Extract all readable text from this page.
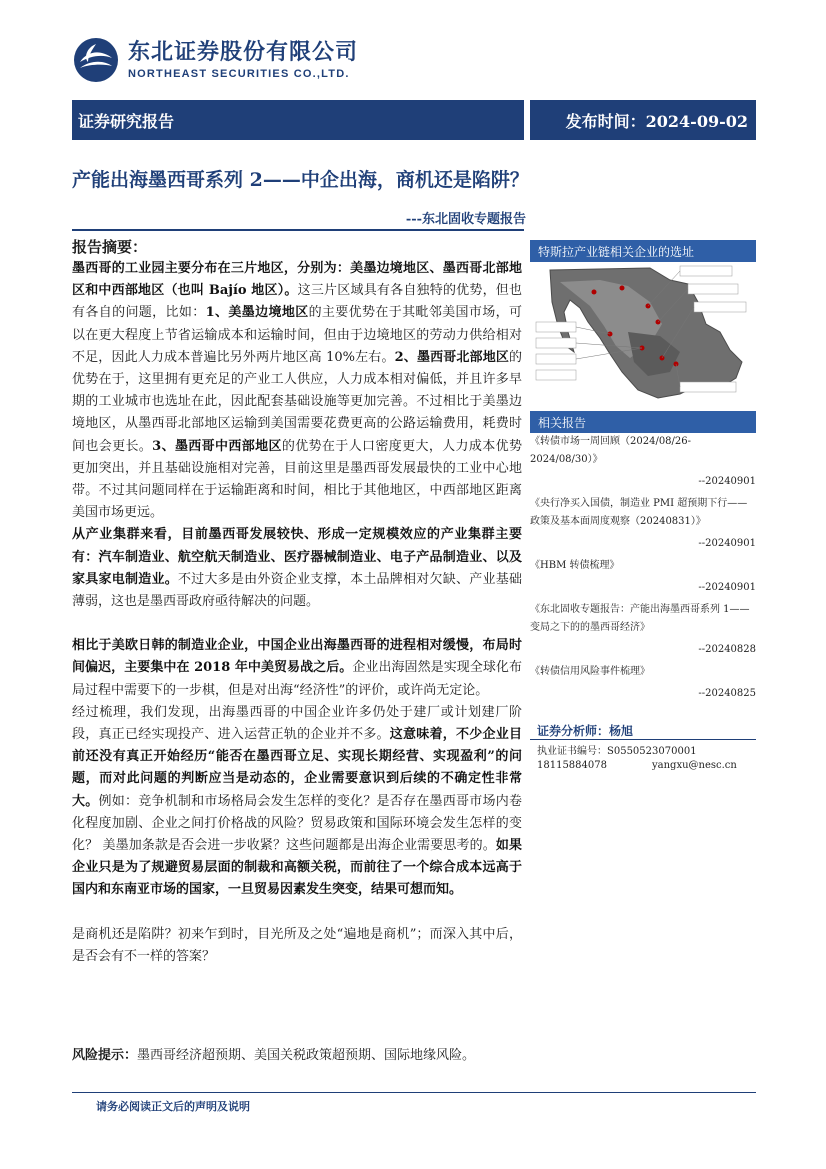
东北证券股份有限公司
NORTHEAST SECURITIES CO.,LTD.
证券研究报告	发布时间：2024-09-02
产能出海墨西哥系列 2——中企出海，商机还是陷阱？
---东北固收专题报告
报告摘要：

墨西哥的工业园主要分布在三片地区，分别为：美墨边境地区、墨西哥北部地区和中西部地区（也叫 Bajío 地区）。这三片区域具有各自独特的优势，但也有各自的问题，比如：1、美墨边境地区的主要优势在于其毗邻美国市场，可以在更大程度上节省运输成本和运输时间，但由于边境地区的劳动力供给相对不足，因此人力成本普遍比另外两片地区高 10%左右。2、墨西哥北部地区的优势在于，这里拥有更充足的产业工人供应，人力成本相对偏低，并且许多早期的工业城市也选址在此，因此配套基础设施等更加完善。不过相比于美墨边境地区，从墨西哥北部地区运输到美国需要花费更高的公路运输费用，耗费时间也会更长。3、墨西哥中西部地区的优势在于人口密度更大，人力成本优势更加突出，并且基础设施相对完善，目前这里是墨西哥发展最快的工业中心地带。不过其问题同样在于运输距离和时间，相比于其他地区，中西部地区距离美国市场更远。

从产业集群来看，目前墨西哥发展较快、形成一定规模效应的产业集群主要有：汽车制造业、航空航天制造业、医疗器械制造业、电子产品制造业、以及家具家电制造业。不过大多是由外资企业支撑，本土品牌相对欠缺、产业基础薄弱，这也是墨西哥政府亟待解决的问题。

相比于美欧日韩的制造业企业，中国企业出海墨西哥的进程相对缓慢，布局时间偏迟，主要集中在 2018 年中美贸易战之后。企业出海固然是实现全球化布局过程中需要下的一步棋，但是对出海“经济性”的评价，或许尚无定论。

经过梳理，我们发现，出海墨西哥的中国企业许多仍处于建厂或计划建厂阶段，真正已经实现投产、进入运营正轨的企业并不多。这意味着，不少企业目前还没有真正开始经历“能否在墨西哥立足、实现长期经营、实现盈利”的问题，而对此问题的判断应当是动态的，企业需要意识到后续的不确定性非常大。例如：竞争机制和市场格局会发生怎样的变化？是否存在墨西哥市场内卷化程度加剧、企业之间打价格战的风险？贸易政策和国际环境会发生怎样的变化？ 美墨加条款是否会进一步收紧？这些问题都是出海企业需要思考的。如果企业只是为了规避贸易层面的制裁和高额关税，而前往了一个综合成本远高于国内和东南亚市场的国家，一旦贸易因素发生突变，结果可想而知。

是商机还是陷阱？初来乍到时，目光所及之处“遍地是商机”；而深入其中后，是否会有不一样的答案？

风险提示：墨西哥经济超预期、美国关税政策超预期、国际地缘风险。
特斯拉产业链相关企业的选址
相关报告
《转债市场一周回顾（2024/08/26-2024/08/30）》
--20240901
《央行净买入国债，制造业 PMI 超预期下行——政策及基本面周度观察（20240831）》
--20240901
《HBM 转债梳理》
--20240901
《东北固收专题报告：产能出海墨西哥系列 1——变局之下的的墨西哥经济》
--20240828
《转债信用风险事件梳理》
--20240825
证券分析师：杨旭
执业证书编号：S0550523070001
18115884078	yangxu@nesc.cn
请务必阅读正文后的声明及说明
